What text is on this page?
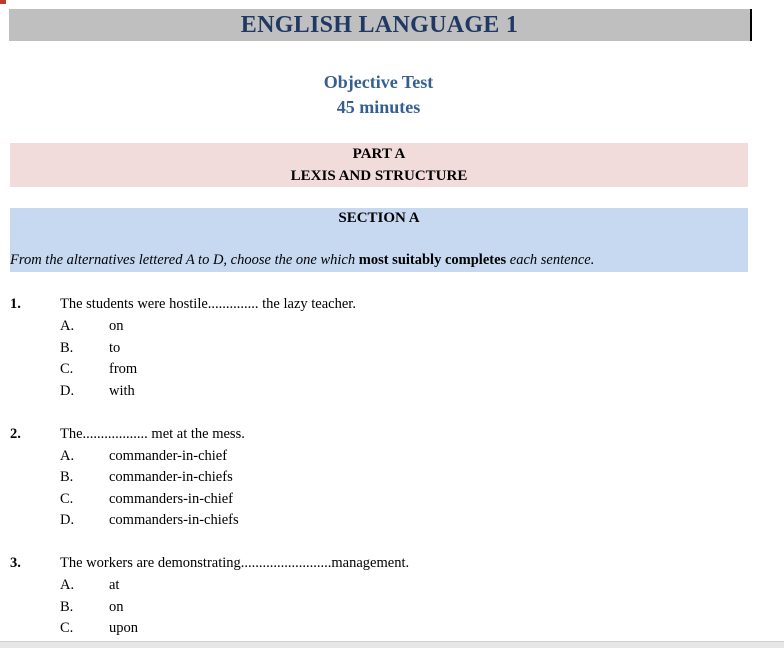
ENGLISH LANGUAGE 1
Objective Test
45 minutes
PART A
LEXIS AND STRUCTURE
SECTION A
From the alternatives lettered A to D, choose the one which most suitably completes each sentence.
1.	The students were hostile.............. the lazy teacher.
A. on
B. to
C. from
D. with
2.	The.................. met at the mess.
A. commander-in-chief
B. commander-in-chiefs
C. commanders-in-chief
D. commanders-in-chiefs
3.	The workers are demonstrating.........................management.
A. at
B. on
C. upon
